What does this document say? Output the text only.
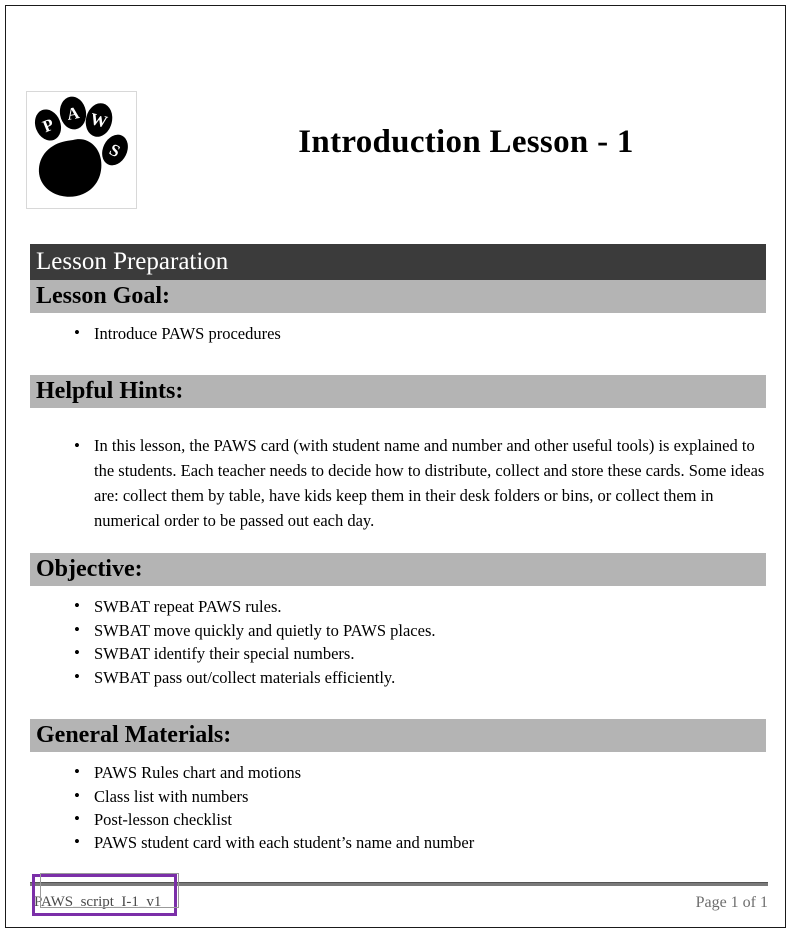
P
A W
S	Introduction Lesson - 1
Lesson Preparation
Lesson Goal:
• Introduce PAWS procedures
Helpful Hints:
• In this lesson, the PAWS card (with student name and number and other useful tools) is explained to the students. Each teacher needs to decide how to distribute, collect and store these cards. Some ideas are: collect them by table, have kids keep them in their desk folders or bins, or collect them in numerical order to be passed out each day.
Objective:
• SWBAT repeat PAWS rules.
• SWBAT move quickly and quietly to PAWS places.
• SWBAT identify their special numbers.
• SWBAT pass out/collect materials efficiently.
General Materials:
• PAWS Rules chart and motions
• Class list with numbers
• Post-lesson checklist
• PAWS student card with each student’s name and number
PAWS_script_I-1_v1	Page 1 of 1
